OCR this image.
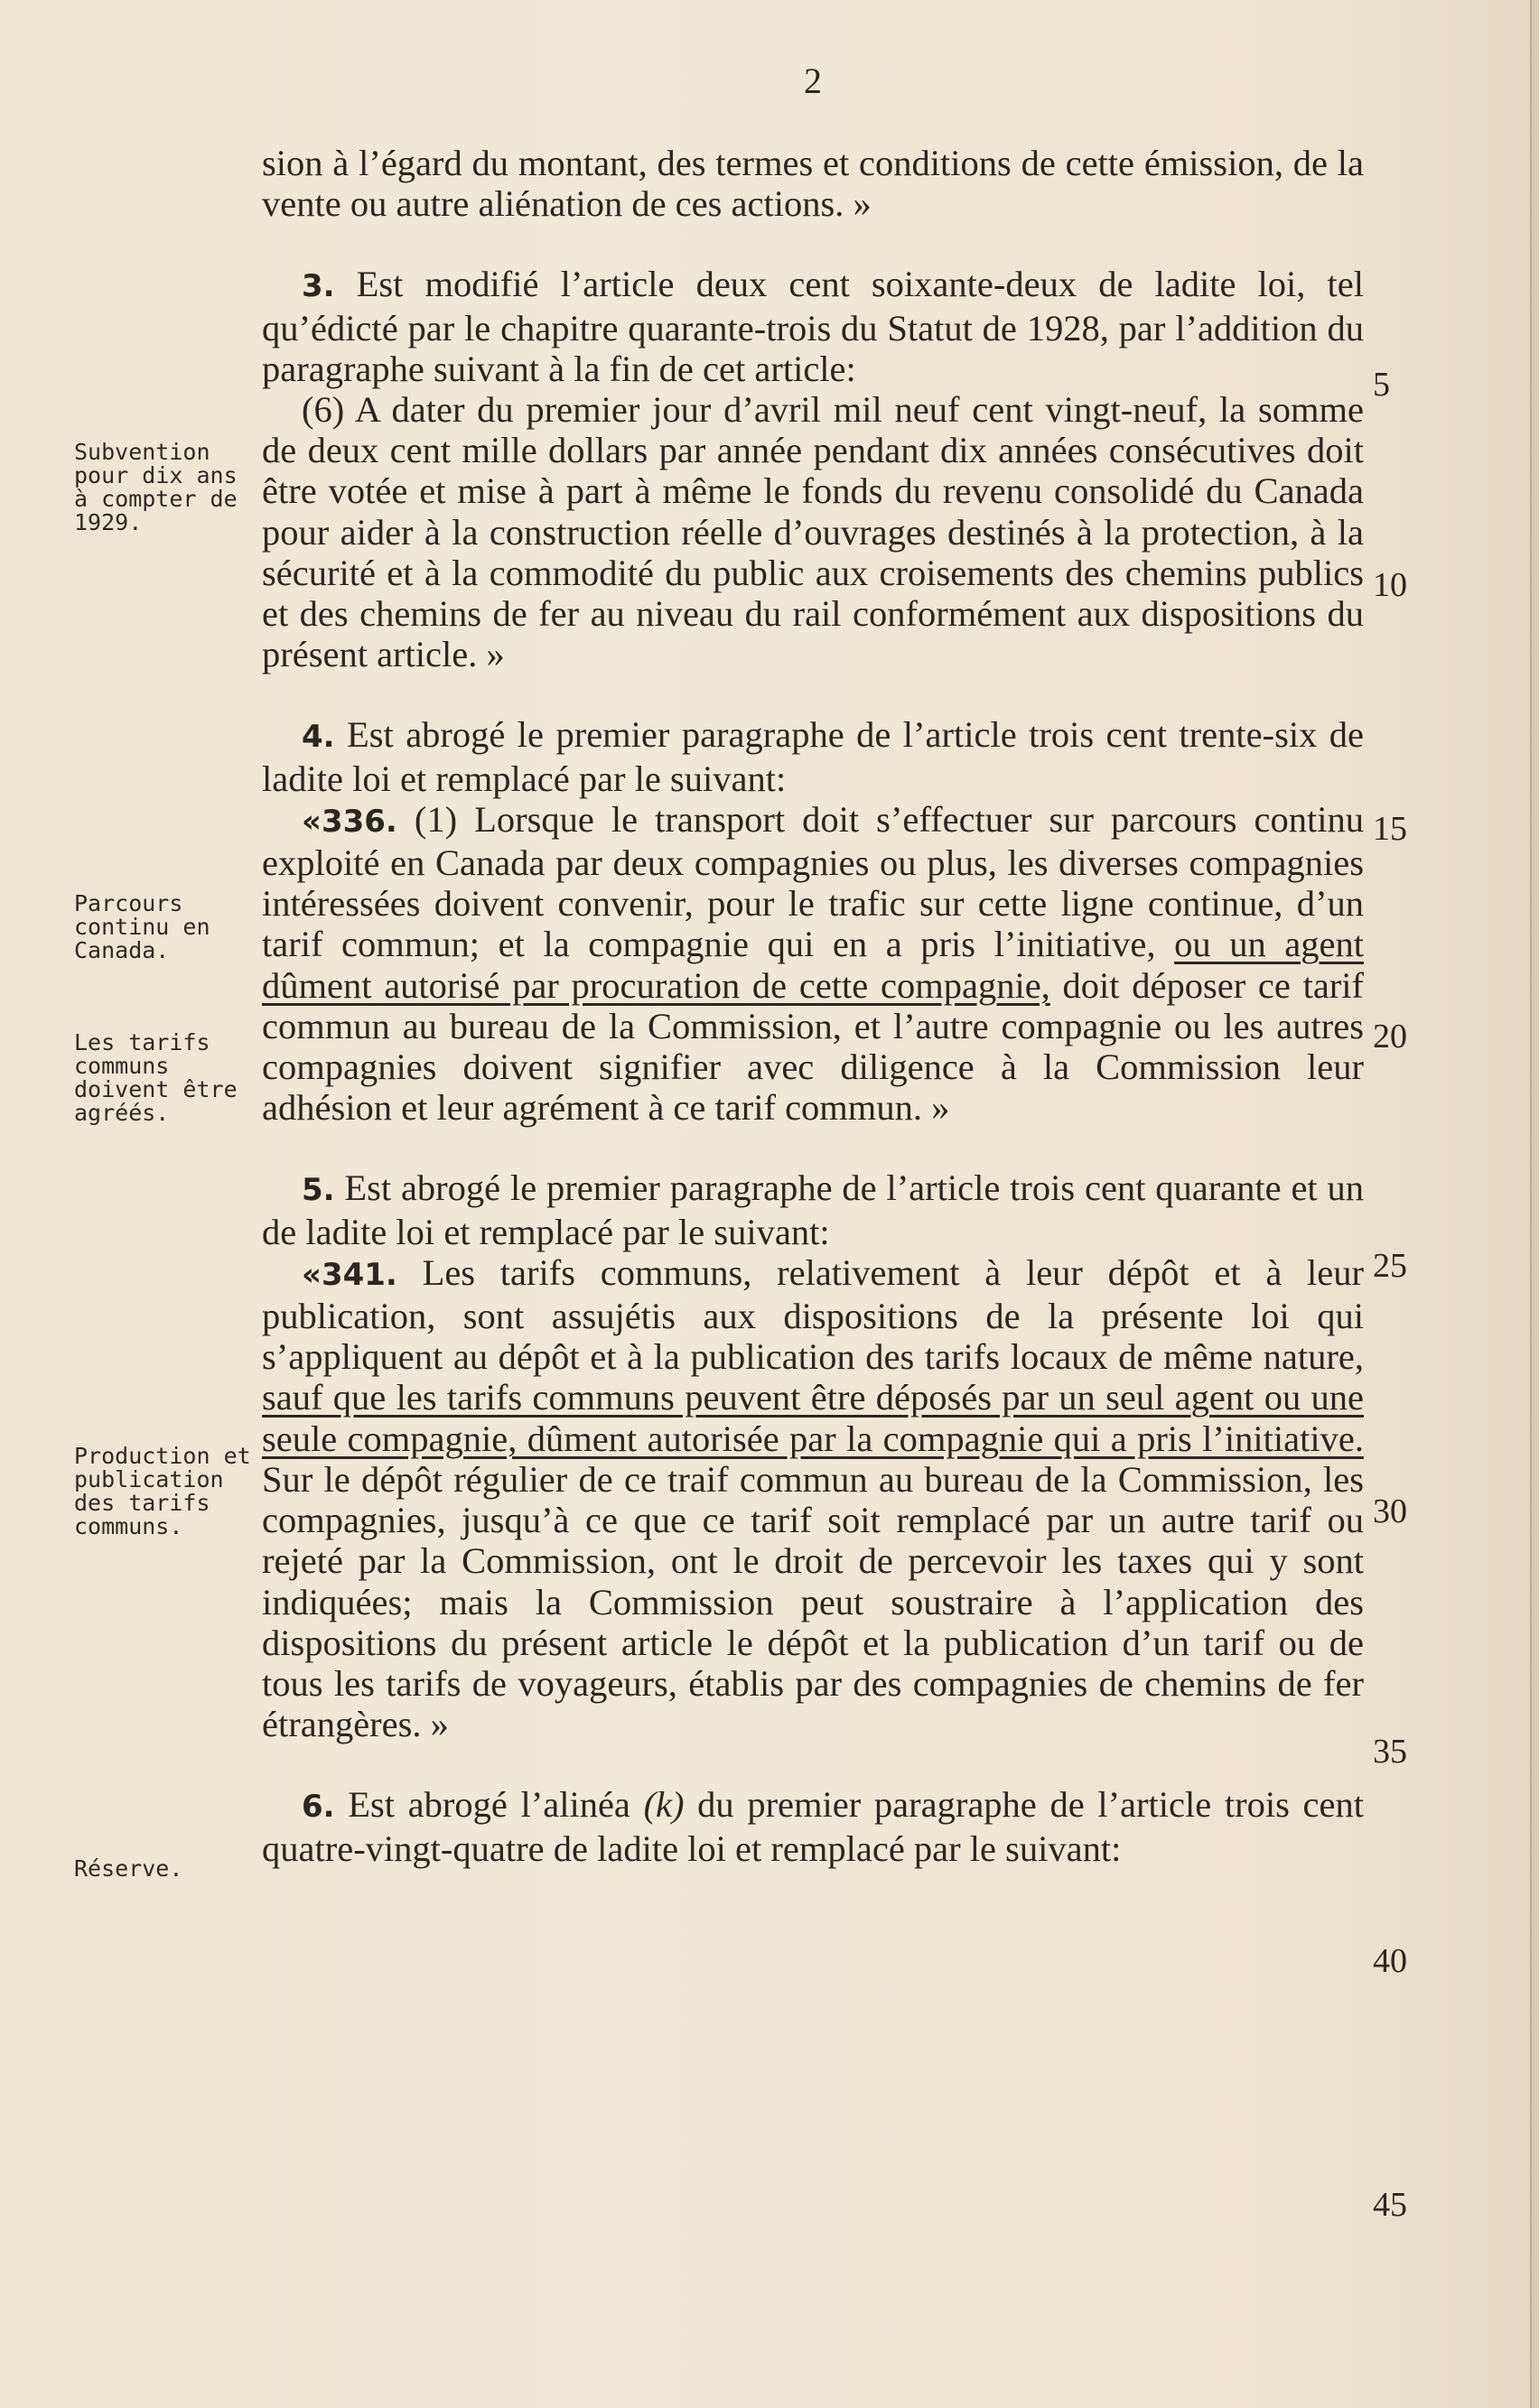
2
Subvention pour dix ans à compter de 1929.
Parcours continu en Canada.
Les tarifs communs doivent être agréés.
Production et publication des tarifs communs.
Réserve.
5
10
15
20
25
30
35
40
45

sion à l’égard du montant, des termes et conditions de cette émission, de la vente ou autre aliénation de ces actions. »

3. Est modifié l’article deux cent soixante-deux de ladite loi, tel qu’édicté par le chapitre quarante-trois du Statut de 1928, par l’addition du paragraphe suivant à la fin de cet article:

(6) A dater du premier jour d’avril mil neuf cent vingt-neuf, la somme de deux cent mille dollars par année pendant dix années consécutives doit être votée et mise à part à même le fonds du revenu consolidé du Canada pour aider à la construction réelle d’ouvrages destinés à la protection, à la sécurité et à la commodité du public aux croisements des chemins publics et des chemins de fer au niveau du rail conformément aux dispositions du présent article. »

4. Est abrogé le premier paragraphe de l’article trois cent trente-six de ladite loi et remplacé par le suivant:

«336. (1) Lorsque le transport doit s’effectuer sur parcours continu exploité en Canada par deux compagnies ou plus, les diverses compagnies intéressées doivent convenir, pour le trafic sur cette ligne continue, d’un tarif commun; et la compagnie qui en a pris l’initiative, ou un agent dûment autorisé par procuration de cette compagnie, doit déposer ce tarif commun au bureau de la Commission, et l’autre compagnie ou les autres compagnies doivent signifier avec diligence à la Commission leur adhésion et leur agrément à ce tarif commun. »

5. Est abrogé le premier paragraphe de l’article trois cent quarante et un de ladite loi et remplacé par le suivant:

«341. Les tarifs communs, relativement à leur dépôt et à leur publication, sont assujétis aux dispositions de la présente loi qui s’appliquent au dépôt et à la publication des tarifs locaux de même nature, sauf que les tarifs communs peuvent être déposés par un seul agent ou une seule compagnie, dûment autorisée par la compagnie qui a pris l’initiative. Sur le dépôt régulier de ce traif commun au bureau de la Commission, les compagnies, jusqu’à ce que ce tarif soit remplacé par un autre tarif ou rejeté par la Commission, ont le droit de percevoir les taxes qui y sont indiquées; mais la Commission peut soustraire à l’application des dispositions du présent article le dépôt et la publication d’un tarif ou de tous les tarifs de voyageurs, établis par des compagnies de chemins de fer étrangères. »

6. Est abrogé l’alinéa (k) du premier paragraphe de l’article trois cent quatre-vingt-quatre de ladite loi et remplacé par le suivant:
